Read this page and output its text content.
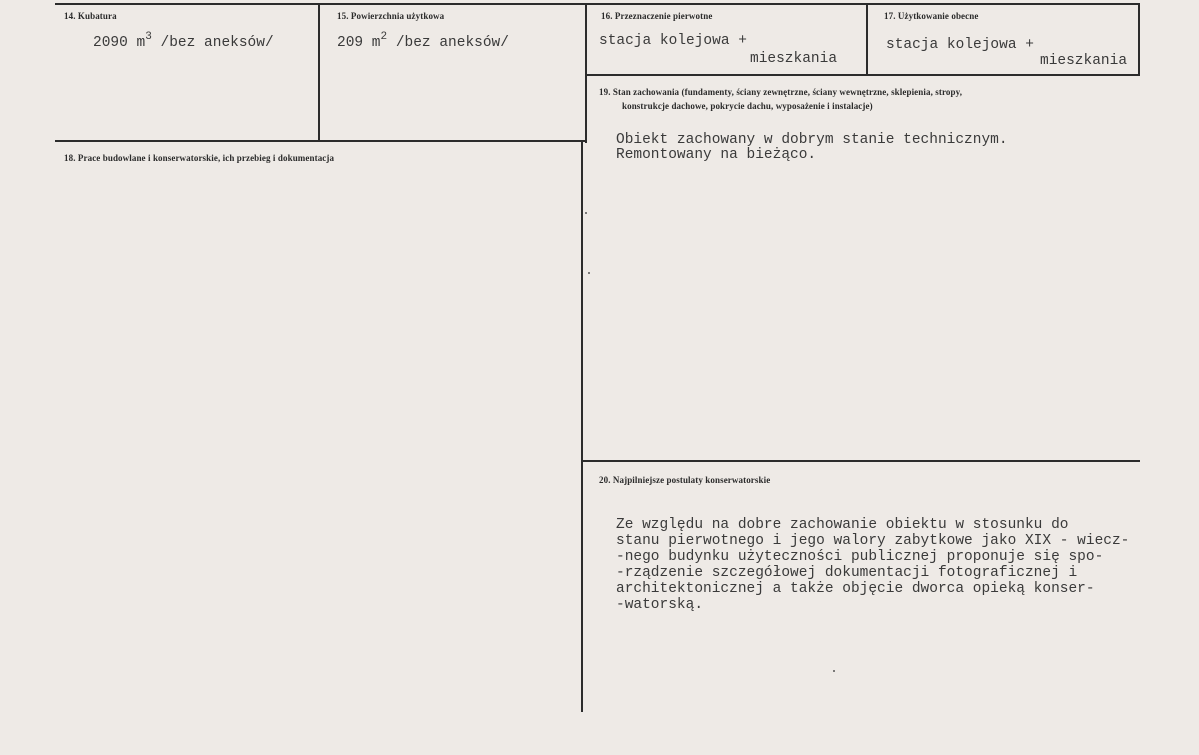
14. Kubatura
2090 $m^3$ /bez aneksów/
15. Powierzchnia użytkowa
209 $m^2$ /bez aneksów/
16. Przeznaczenie pierwotne
stacja kolejowa +
mieszkania
17. Użytkowanie obecne
stacja kolejowa +
mieszkania
18. Prace budowlane i konserwatorskie, ich przebieg i dokumentacja
19. Stan zachowania (fundamenty, ściany zewnętrzne, ściany wewnętrzne, sklepienia, stropy,
konstrukcje dachowe, pokrycie dachu, wyposażenie i instalacje)
Obiekt zachowany w dobrym stanie technicznym.
Remontowany na bieżąco.
20. Najpilniejsze postulaty konserwatorskie
Ze względu na dobre zachowanie obiektu w stosunku do
stanu pierwotnego i jego walory zabytkowe jako XIX - wiecz-
-nego budynku użyteczności publicznej proponuje się spo-
-rządzenie szczegółowej dokumentacji fotograficznej i
architektonicznej a także objęcie dworca opieką konser-
-watorską.
